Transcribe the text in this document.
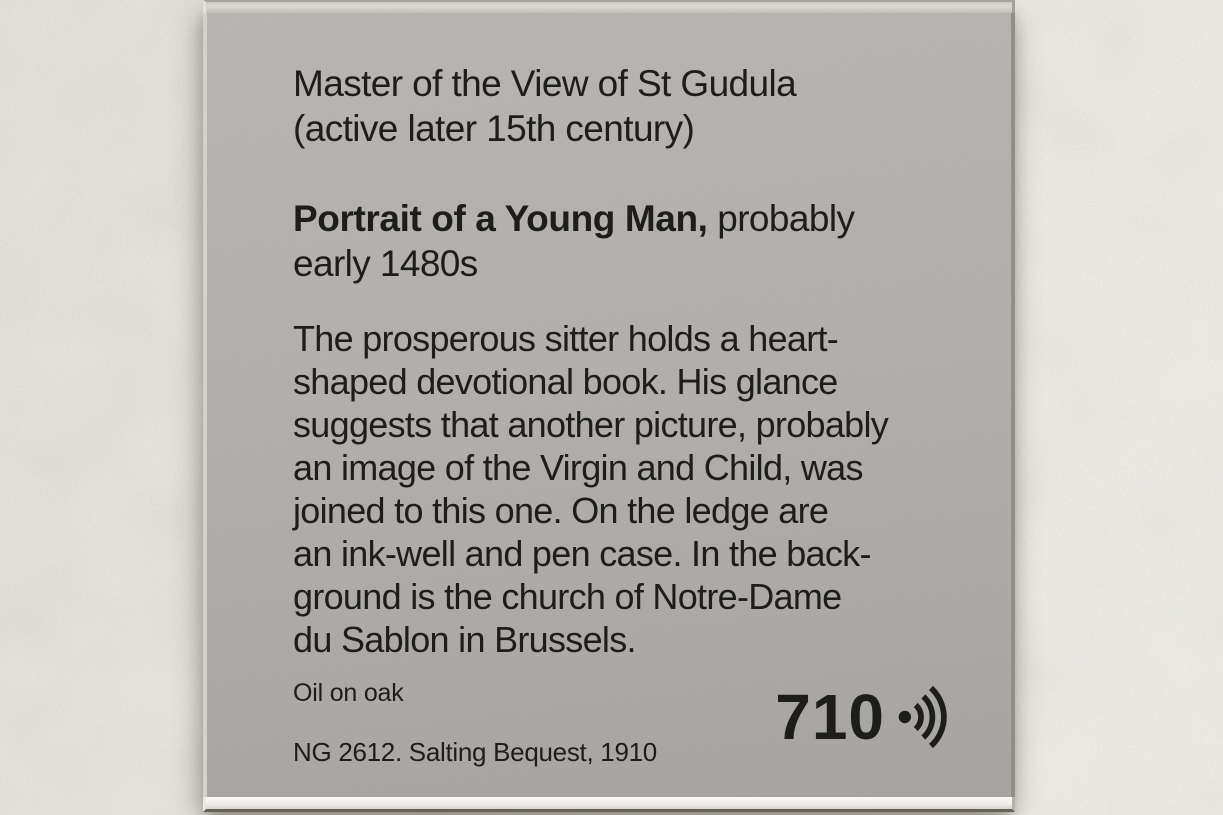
Master of the View of St Gudula
(active later 15th century)
Portrait of a Young Man, probably
early 1480s
The prosperous sitter holds a heart-
shaped devotional book. His glance
suggests that another picture, probably
an image of the Virgin and Child, was
joined to this one. On the ledge are
an ink-well and pen case. In the back-
ground is the church of Notre-Dame
du Sablon in Brussels.
Oil on oak
NG 2612. Salting Bequest, 1910	710
